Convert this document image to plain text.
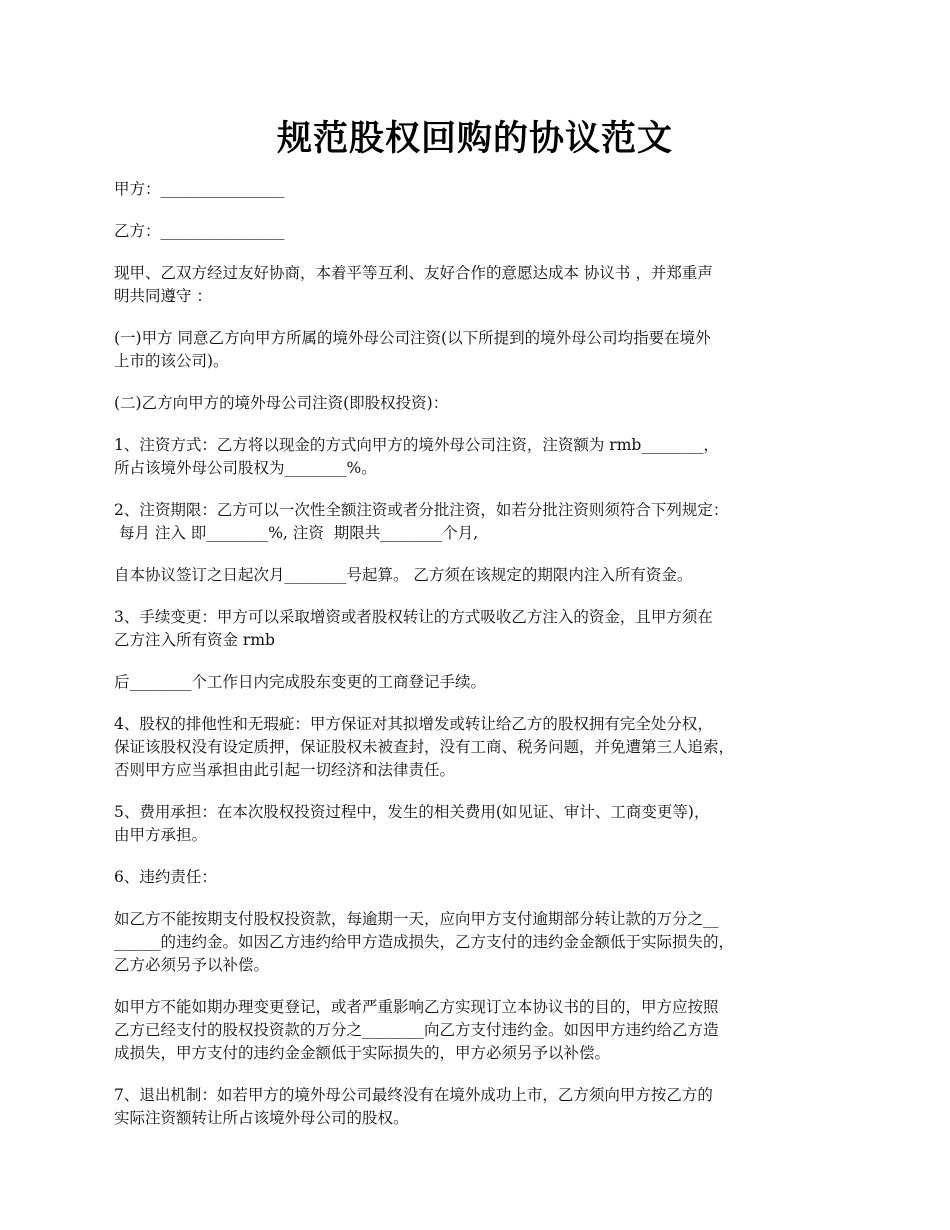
规范股权回购的协议范文

甲方：________________

乙方：________________

现甲、乙双方经过友好协商，本着平等互利、友好合作的意愿达成本 协议书 ，并郑重声
明共同遵守 ：

(一)甲方 同意乙方向甲方所属的境外母公司注资(以下所提到的境外母公司均指要在境外
上市的该公司)。

(二)乙方向甲方的境外母公司注资(即股权投资)：

1、注资方式：乙方将以现金的方式向甲方的境外母公司注资，注资额为 rmb________，
所占该境外母公司股权为________%。

2、注资期限：乙方可以一次性全额注资或者分批注资，如若分批注资则须符合下列规定：
每月 注入 即________%, 注资  期限共________个月,

自本协议签订之日起次月________号起算。 乙方须在该规定的期限内注入所有资金。

3、手续变更：甲方可以采取增资或者股权转让的方式吸收乙方注入的资金，且甲方须在
乙方注入所有资金 rmb

后________个工作日内完成股东变更的工商登记手续。

4、股权的排他性和无瑕疵：甲方保证对其拟增发或转让给乙方的股权拥有完全处分权，
保证该股权没有设定质押，保证股权未被查封，没有工商、税务问题，并免遭第三人追索，
否则甲方应当承担由此引起一切经济和法律责任。

5、费用承担：在本次股权投资过程中，发生的相关费用(如见证、审计、工商变更等)，
由甲方承担。

6、违约责任：

如乙方不能按期支付股权投资款，每逾期一天，应向甲方支付逾期部分转让款的万分之__
______的违约金。如因乙方违约给甲方造成损失，乙方支付的违约金金额低于实际损失的，
乙方必须另予以补偿。

如甲方不能如期办理变更登记，或者严重影响乙方实现订立本协议书的目的，甲方应按照
乙方已经支付的股权投资款的万分之________向乙方支付违约金。如因甲方违约给乙方造
成损失，甲方支付的违约金金额低于实际损失的，甲方必须另予以补偿。

7、退出机制：如若甲方的境外母公司最终没有在境外成功上市，乙方须向甲方按乙方的
实际注资额转让所占该境外母公司的股权。
